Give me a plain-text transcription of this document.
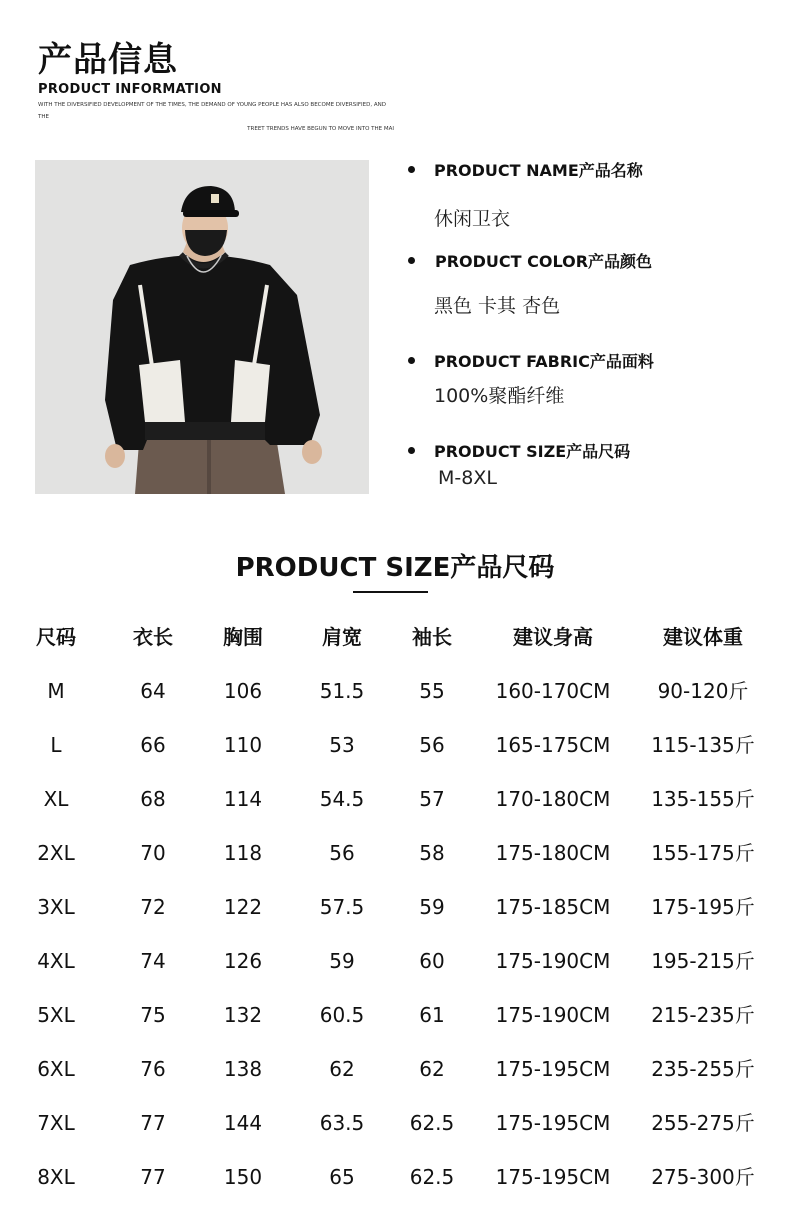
产品信息
PRODUCT INFORMATION
WITH THE DIVERSIFIED DEVELOPMENT OF THE TIMES, THE DEMAND OF YOUNG PEOPLE HAS ALSO BECOME DIVERSIFIED, AND THE
TREET TRENDS HAVE BEGUN TO MOVE INTO THE MAI
PRODUCT NAME产品名称
休闲卫衣
PRODUCT COLOR产品颜色
黑色 卡其 杏色
PRODUCT FABRIC产品面料
100%聚酯纤维
PRODUCT SIZE产品尺码
M-8XL
PRODUCT SIZE产品尺码
尺码	衣长	胸围	肩宽	袖长	建议身高	建议体重
M	64	106	51.5	55	160-170CM	90-120斤
L	66	110	53	56	165-175CM	115-135斤
XL	68	114	54.5	57	170-180CM	135-155斤
2XL	70	118	56	58	175-180CM	155-175斤
3XL	72	122	57.5	59	175-185CM	175-195斤
4XL	74	126	59	60	175-190CM	195-215斤
5XL	75	132	60.5	61	175-190CM	215-235斤
6XL	76	138	62	62	175-195CM	235-255斤
7XL	77	144	63.5	62.5	175-195CM	255-275斤
8XL	77	150	65	62.5	175-195CM	275-300斤
